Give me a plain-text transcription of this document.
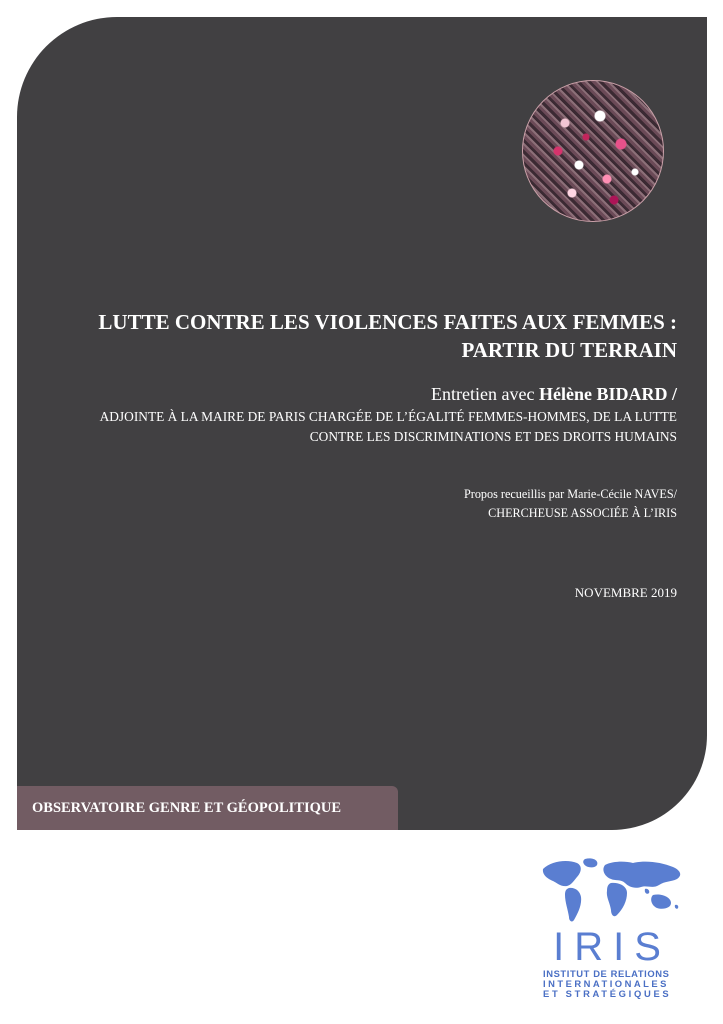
LUTTE CONTRE LES VIOLENCES FAITES AUX FEMMES :
PARTIR DU TERRAIN

Entretien avec Hélène BIDARD /

ADJOINTE À LA MAIRE DE PARIS CHARGÉE DE L’ÉGALITÉ FEMMES-HOMMES, DE LA LUTTE
CONTRE LES DISCRIMINATIONS ET DES DROITS HUMAINS

Propos recueillis par Marie-Cécile NAVES/
CHERCHEUSE ASSOCIÉE À L’IRIS

NOVEMBRE 2019

OBSERVATOIRE GENRE ET GÉOPOLITIQUE
IRIS
INSTITUT DE RELATIONS
INTERNATIONALES
ET STRATÉGIQUES
